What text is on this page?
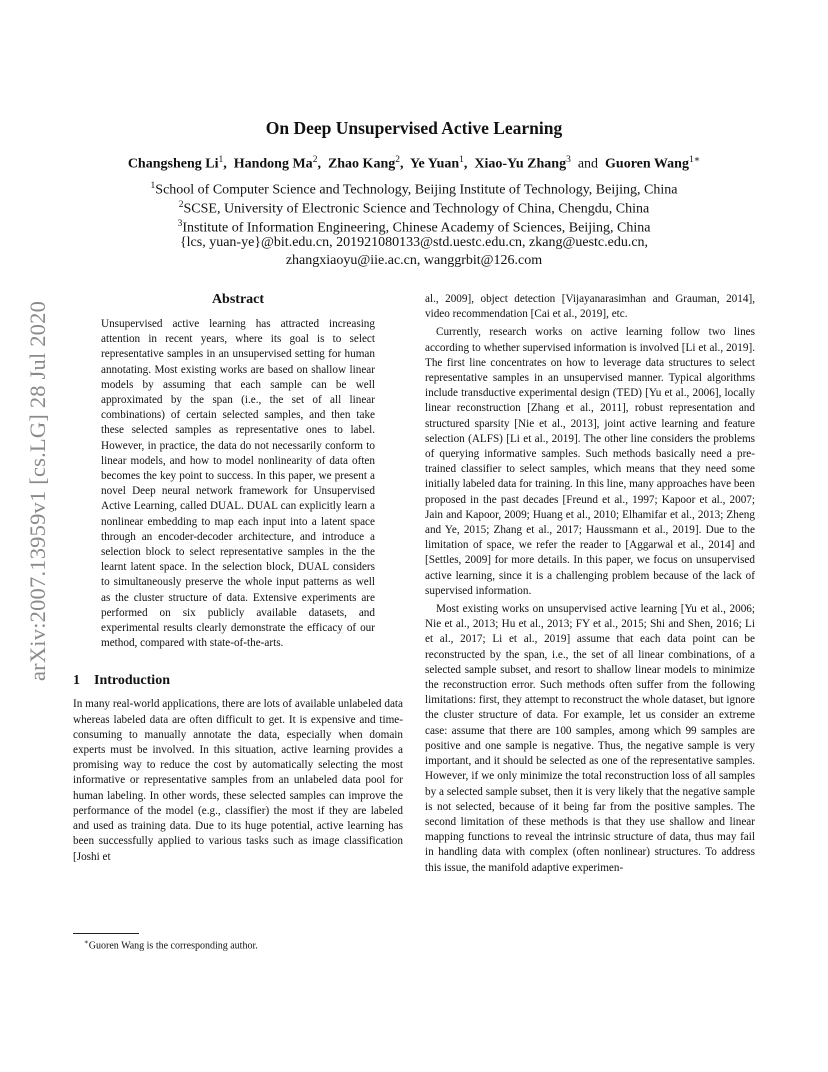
arXiv:2007.13959v1 [cs.LG] 28 Jul 2020
On Deep Unsupervised Active Learning
Changsheng Li$^1$, Handong Ma$^2$, Zhao Kang$^2$, Ye Yuan$^1$, Xiao-Yu Zhang$^3$ and Guoren Wang$^{1∗}$
$^1$School of Computer Science and Technology, Beijing Institute of Technology, Beijing, China
$^2$SCSE, University of Electronic Science and Technology of China, Chengdu, China
$^3$Institute of Information Engineering, Chinese Academy of Sciences, Beijing, China
{lcs, yuan-ye}@bit.edu.cn, 201921080133@std.uestc.edu.cn, zkang@uestc.edu.cn,
zhangxiaoyu@iie.ac.cn, wanggrbit@126.com
Abstract

Unsupervised active learning has attracted increasing attention in recent years, where its goal is to select representative samples in an unsupervised setting for human annotating. Most existing works are based on shallow linear models by assuming that each sample can be well approximated by the span (i.e., the set of all linear combinations) of certain selected samples, and then take these selected samples as representative ones to label. However, in practice, the data do not necessarily conform to linear models, and how to model nonlinearity of data often becomes the key point to success. In this paper, we present a novel Deep neural network framework for Unsupervised Active Learning, called DUAL. DUAL can explicitly learn a nonlinear embedding to map each input into a latent space through an encoder-decoder architecture, and introduce a selection block to select representative samples in the the learnt latent space. In the selection block, DUAL considers to simultaneously preserve the whole input patterns as well as the cluster structure of data. Extensive experiments are performed on six publicly available datasets, and experimental results clearly demonstrate the efficacy of our method, compared with state-of-the-arts.

1 Introduction

In many real-world applications, there are lots of available unlabeled data whereas labeled data are often difficult to get. It is expensive and time-consuming to manually annotate the data, especially when domain experts must be involved. In this situation, active learning provides a promising way to reduce the cost by automatically selecting the most informative or representative samples from an unlabeled data pool for human labeling. In other words, these selected samples can improve the performance of the model (e.g., classifier) the most if they are labeled and used as training data. Due to its huge potential, active learning has been successfully applied to various tasks such as image classification [Joshi et

al., 2009], object detection [Vijayanarasimhan and Grauman, 2014], video recommendation [Cai et al., 2019], etc.

Currently, research works on active learning follow two lines according to whether supervised information is involved [Li et al., 2019]. The first line concentrates on how to leverage data structures to select representative samples in an unsupervised manner. Typical algorithms include transductive experimental design (TED) [Yu et al., 2006], locally linear reconstruction [Zhang et al., 2011], robust representation and structured sparsity [Nie et al., 2013], joint active learning and feature selection (ALFS) [Li et al., 2019]. The other line considers the problems of querying informative samples. Such methods basically need a pre-trained classifier to select samples, which means that they need some initially labeled data for training. In this line, many approaches have been proposed in the past decades [Freund et al., 1997; Kapoor et al., 2007; Jain and Kapoor, 2009; Huang et al., 2010; Elhamifar et al., 2013; Zheng and Ye, 2015; Zhang et al., 2017; Haussmann et al., 2019]. Due to the limitation of space, we refer the reader to [Aggarwal et al., 2014] and [Settles, 2009] for more details. In this paper, we focus on unsupervised active learning, since it is a challenging problem because of the lack of supervised information.

Most existing works on unsupervised active learning [Yu et al., 2006; Nie et al., 2013; Hu et al., 2013; FY et al., 2015; Shi and Shen, 2016; Li et al., 2017; Li et al., 2019] assume that each data point can be reconstructed by the span, i.e., the set of all linear combinations, of a selected sample subset, and resort to shallow linear models to minimize the reconstruction error. Such methods often suffer from the following limitations: first, they attempt to reconstruct the whole dataset, but ignore the cluster structure of data. For example, let us consider an extreme case: assume that there are 100 samples, among which 99 samples are positive and one sample is negative. Thus, the negative sample is very important, and it should be selected as one of the representative samples. However, if we only minimize the total reconstruction loss of all samples by a selected sample subset, then it is very likely that the negative sample is not selected, because of it being far from the positive samples. The second limitation of these methods is that they use shallow and linear mapping functions to reveal the intrinsic structure of data, thus may fail in handling data with complex (often nonlinear) structures. To address this issue, the manifold adaptive experimen-

∗Guoren Wang is the corresponding author.
